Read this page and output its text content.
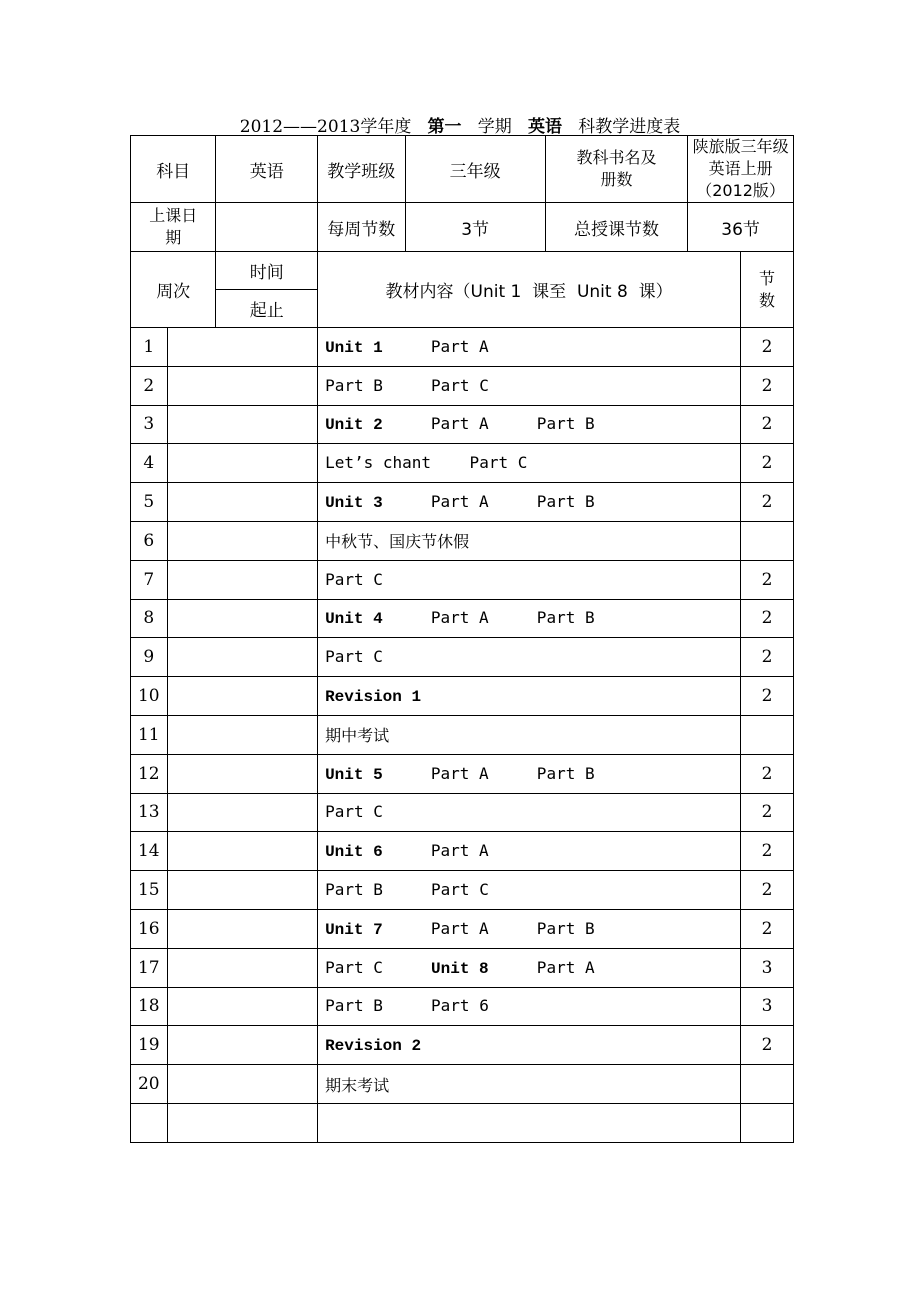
2012——2013学年度 第一 学期 英语 科教学进度表
科目		英语	教学班级	三年级	教科书名及册数	陕旅版三年级英语上册（2012版）	
上课日期			每周节数	3节	总授课节数	36节	
周次		时间	教材内容（Unit 1  课至  Unit 8  课）				节数
		起止					
1			Unit 1 Part A				2
2			Part B     Part C				2
3			Unit 2 Part A     Part B				2
4			Let’s chant    Part C				2
5			Unit 3 Part A     Part B				2
6			中秋节、国庆节休假				
7			Part C				2
8			Unit 4 Part A     Part B				2
9			Part C				2
10			Revision 1				2
11			期中考试				
12			Unit 5 Part A     Part B				2
13			Part C				2
14			Unit 6 Part A				2
15			Part B     Part C				2
16			Unit 7 Part A     Part B				2
17			Part C     Unit 8     Part A				3
18			Part B     Part 6				3
19			Revision 2				2
20			期末考试				
